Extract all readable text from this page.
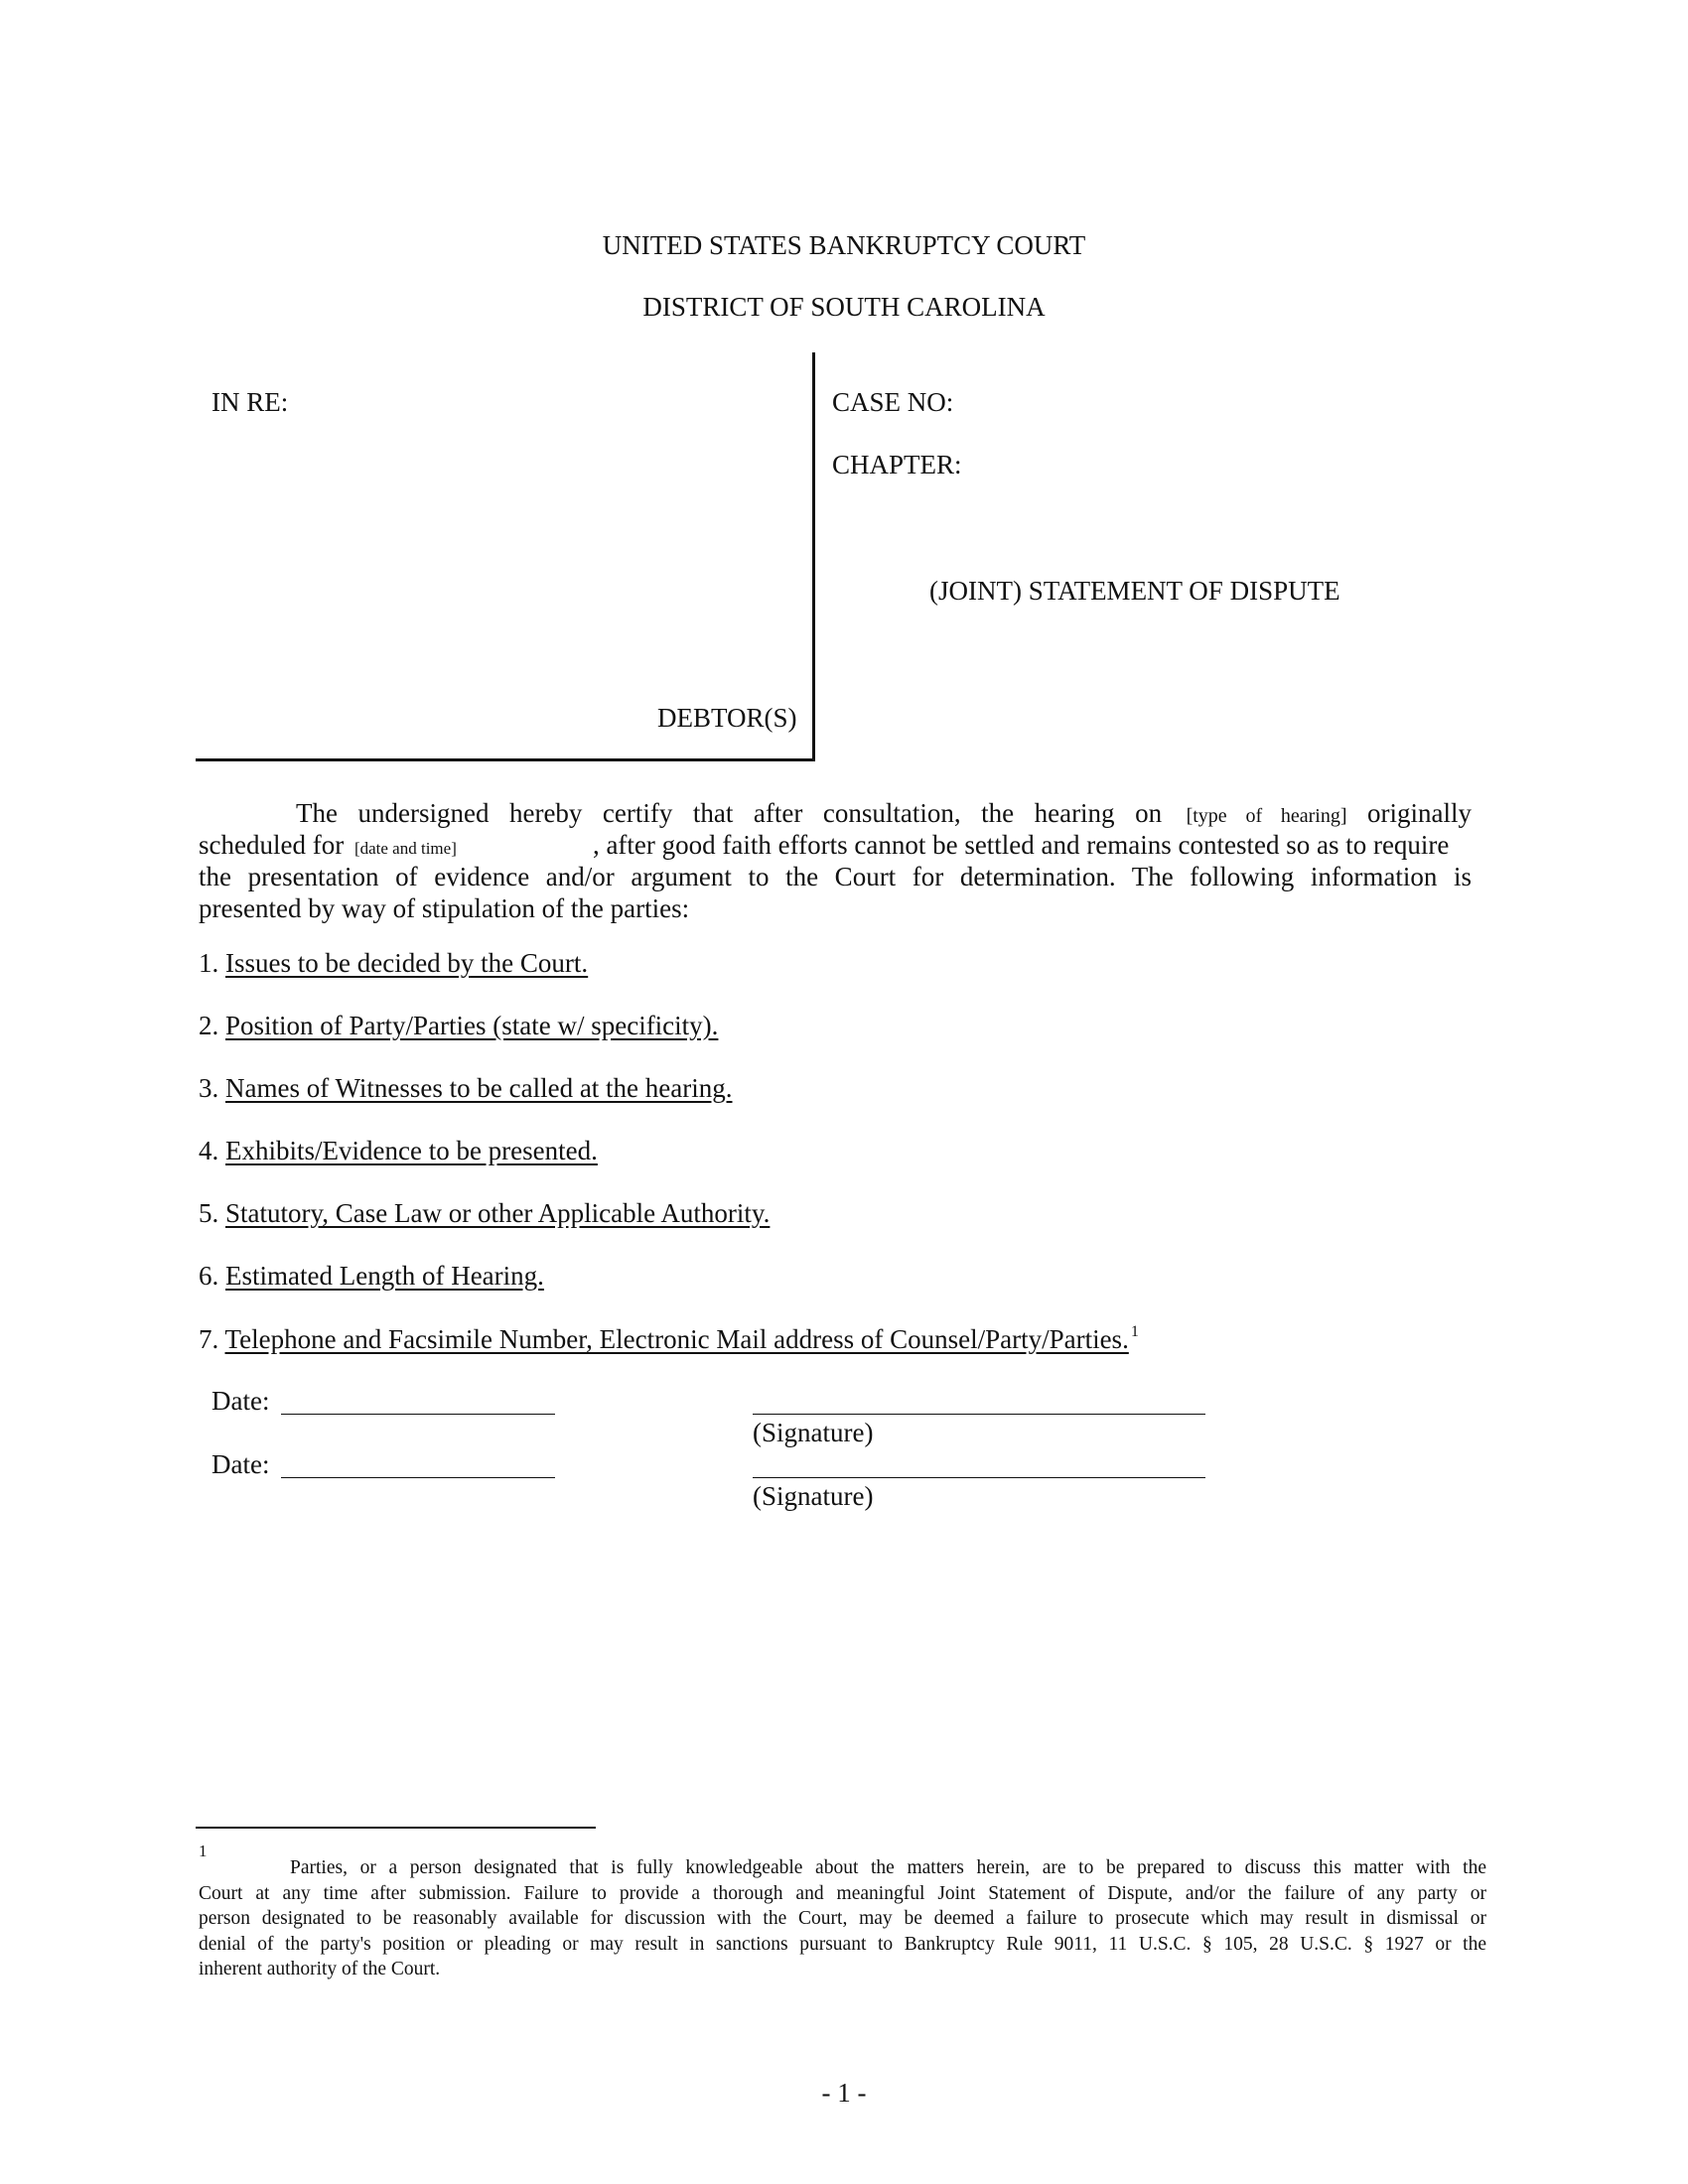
UNITED STATES BANKRUPTCY COURT
DISTRICT OF SOUTH CAROLINA
IN RE:	CASE NO:
CHAPTER:
(JOINT) STATEMENT OF DISPUTE
DEBTOR(S)
The undersigned hereby certify that after consultation, the hearing on [type of hearing] originally
scheduled for [date and time]	, after good faith efforts cannot be settled and remains contested so as to require
the presentation of evidence and/or argument to the Court for determination. The following information is
presented by way of stipulation of the parties:
1. Issues to be decided by the Court.
2. Position of Party/Parties (state w/ specificity).
3. Names of Witnesses to be called at the hearing.
4. Exhibits/Evidence to be presented.
5. Statutory, Case Law or other Applicable Authority.
6. Estimated Length of Hearing.
7. Telephone and Facsimile Number, Electronic Mail address of Counsel/Party/Parties. $^1$
Date:
Date:
(Signature)
(Signature)
1
Parties, or a person designated that is fully knowledgeable about the matters herein, are to be prepared to discuss this matter with the
Court at any time after submission. Failure to provide a thorough and meaningful Joint Statement of Dispute, and/or the failure of any party or
person designated to be reasonably available for discussion with the Court, may be deemed a failure to prosecute which may result in dismissal or
denial of the party's position or pleading or may result in sanctions pursuant to Bankruptcy Rule 9011, 11 U.S.C. § 105, 28 U.S.C. § 1927 or the
inherent authority of the Court.
- 1 -
